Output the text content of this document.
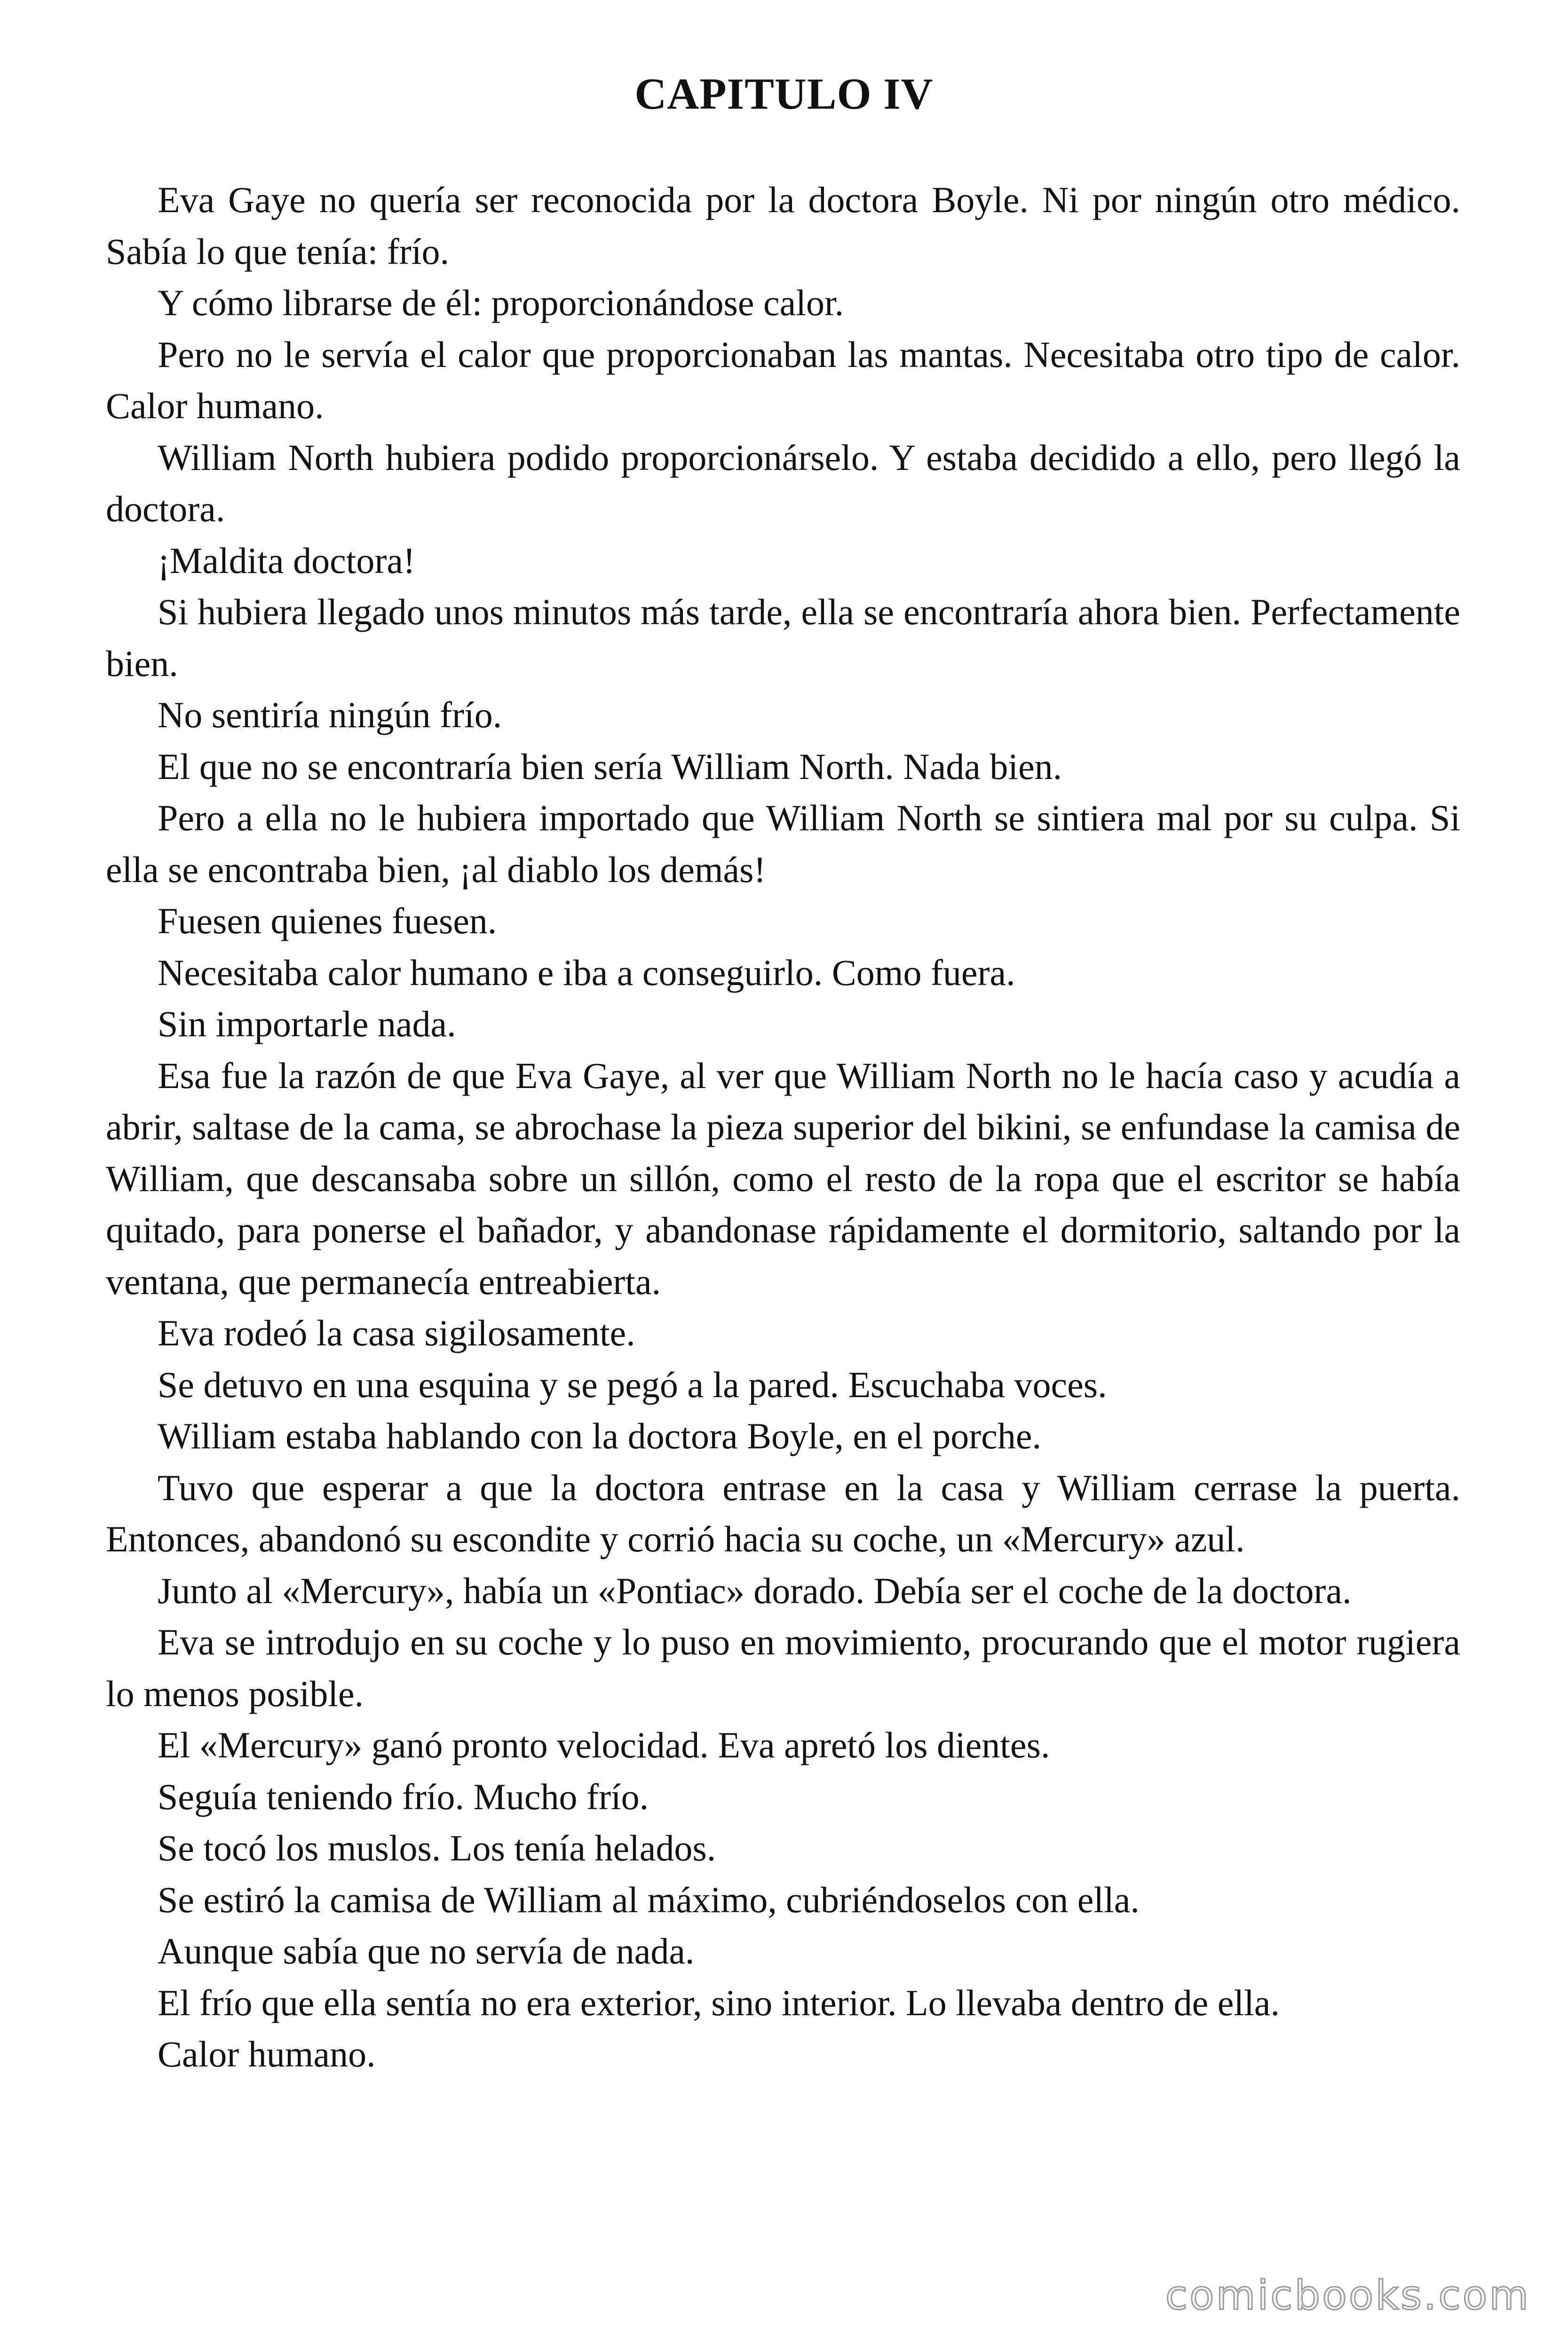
CAPITULO IV

Eva Gaye no quería ser reconocida por la doctora Boyle. Ni por ningún otro médico. Sabía lo que tenía: frío.

Y cómo librarse de él: proporcionándose calor.

Pero no le servía el calor que proporcionaban las mantas. Necesitaba otro tipo de calor. Calor humano.

William North hubiera podido proporcionárselo. Y estaba decidido a ello, pero llegó la doctora.

¡Maldita doctora!

Si hubiera llegado unos minutos más tarde, ella se encontraría ahora bien. Perfectamente bien.

No sentiría ningún frío.

El que no se encontraría bien sería William North. Nada bien.

Pero a ella no le hubiera importado que William North se sintiera mal por su culpa. Si ella se encontraba bien, ¡al diablo los demás!

Fuesen quienes fuesen.

Necesitaba calor humano e iba a conseguirlo. Como fuera.

Sin importarle nada.

Esa fue la razón de que Eva Gaye, al ver que William North no le hacía caso y acudía a abrir, saltase de la cama, se abrochase la pieza superior del bikini, se enfundase la camisa de William, que descansaba sobre un sillón, como el resto de la ropa que el escritor se había quitado, para ponerse el bañador, y abandonase rápidamente el dormitorio, saltando por la ventana, que permanecía entreabierta.

Eva rodeó la casa sigilosamente.

Se detuvo en una esquina y se pegó a la pared. Escuchaba voces.

William estaba hablando con la doctora Boyle, en el porche.

Tuvo que esperar a que la doctora entrase en la casa y William cerrase la puerta. Entonces, abandonó su escondite y corrió hacia su coche, un «Mercury» azul.

Junto al «Mercury», había un «Pontiac» dorado. Debía ser el coche de la doctora.

Eva se introdujo en su coche y lo puso en movimiento, procurando que el motor rugiera lo menos posible.

El «Mercury» ganó pronto velocidad. Eva apretó los dientes.

Seguía teniendo frío. Mucho frío.

Se tocó los muslos. Los tenía helados.

Se estiró la camisa de William al máximo, cubriéndoselos con ella.

Aunque sabía que no servía de nada.

El frío que ella sentía no era exterior, sino interior. Lo llevaba dentro de ella.

Calor humano.

comicbooks.com
